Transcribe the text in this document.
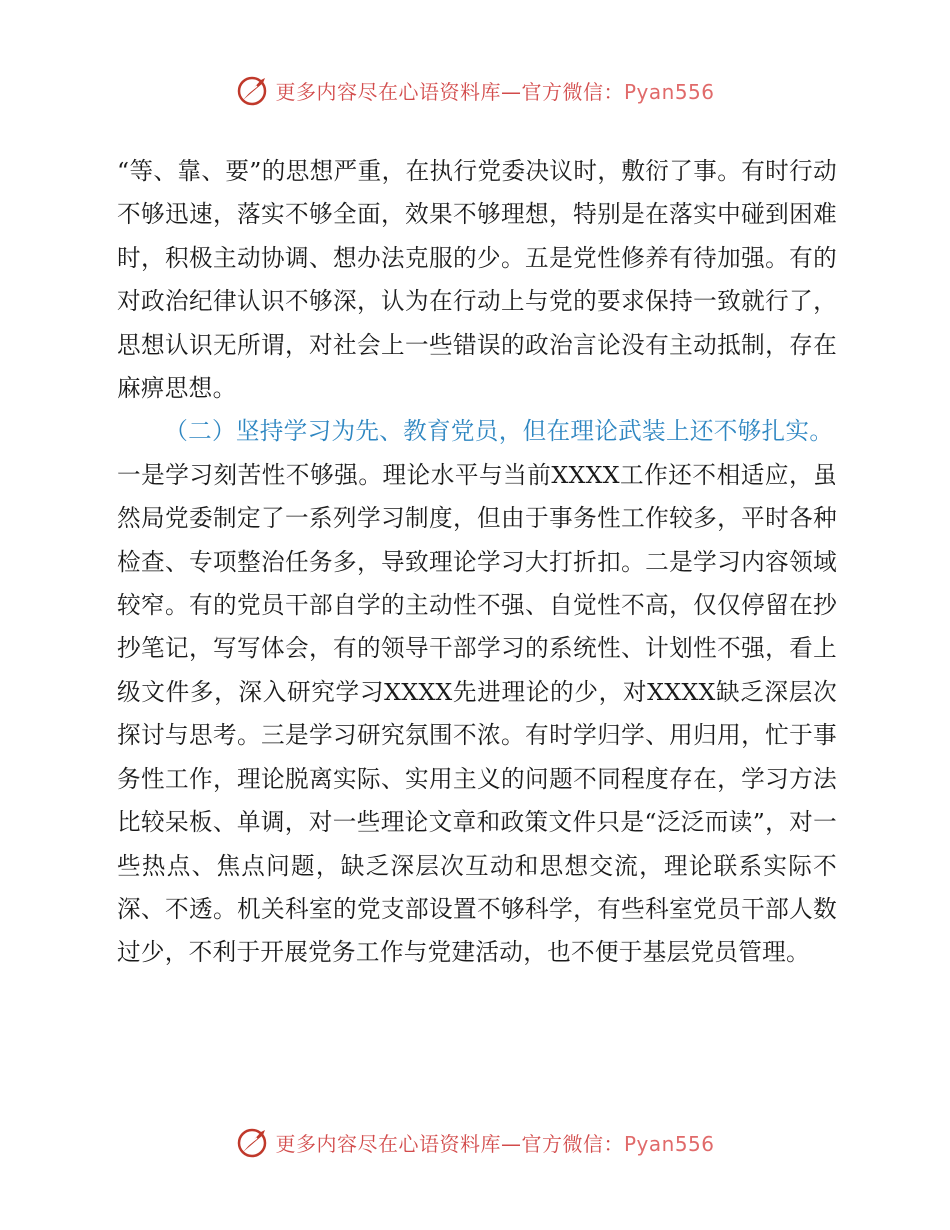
更多内容尽在心语资料库—官方微信：Pyan556

“等、靠、要”的思想严重，在执行党委决议时，敷衍了事。有时行动不够迅速，落实不够全面，效果不够理想，特别是在落实中碰到困难时，积极主动协调、想办法克服的少。五是党性修养有待加强。有的对政治纪律认识不够深，认为在行动上与党的要求保持一致就行了，思想认识无所谓，对社会上一些错误的政治言论没有主动抵制，存在麻痹思想。

（二）坚持学习为先、教育党员，但在理论武装上还不够扎实。

一是学习刻苦性不够强。理论水平与当前XXXX工作还不相适应，虽然局党委制定了一系列学习制度，但由于事务性工作较多，平时各种检查、专项整治任务多，导致理论学习大打折扣。二是学习内容领域较窄。有的党员干部自学的主动性不强、自觉性不高，仅仅停留在抄抄笔记，写写体会，有的领导干部学习的系统性、计划性不强，看上级文件多，深入研究学习XXXX先进理论的少，对XXXX缺乏深层次探讨与思考。三是学习研究氛围不浓。有时学归学、用归用，忙于事务性工作，理论脱离实际、实用主义的问题不同程度存在，学习方法比较呆板、单调，对一些理论文章和政策文件只是“泛泛而读”，对一些热点、焦点问题，缺乏深层次互动和思想交流，理论联系实际不深、不透。机关科室的党支部设置不够科学，有些科室党员干部人数过少，不利于开展党务工作与党建活动，也不便于基层党员管理。

更多内容尽在心语资料库—官方微信：Pyan556
